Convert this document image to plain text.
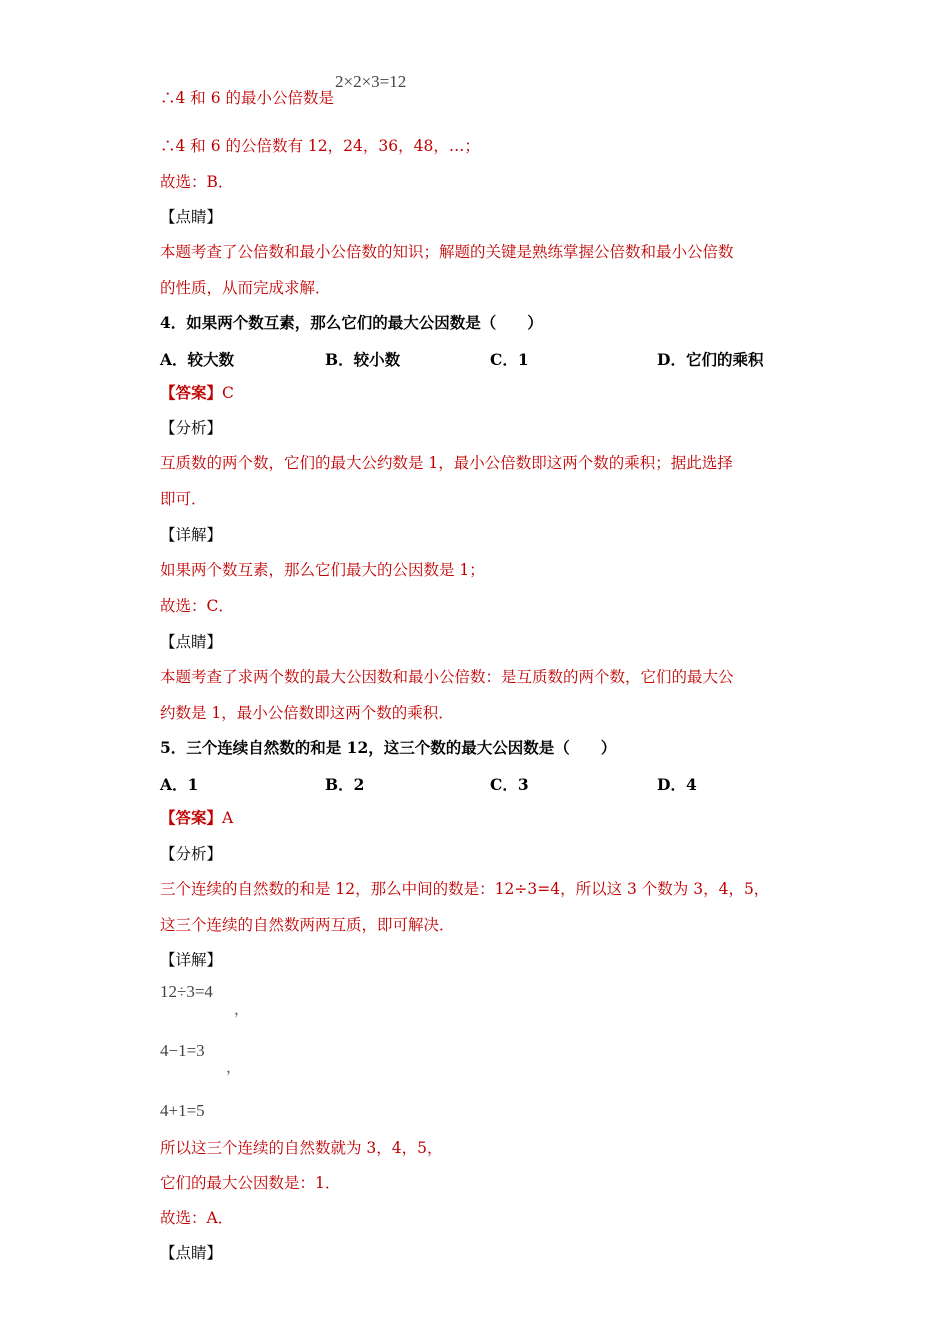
∴4 和 6 的最小公倍数是
2×2×3=12
∴4 和 6 的公倍数有 12，24，36，48，…；
故选：B．
【点睛】
本题考查了公倍数和最小公倍数的知识；解题的关键是熟练掌握公倍数和最小公倍数
的性质，从而完成求解．
4．如果两个数互素，那么它们的最大公因数是（　　）
A．较大数	B．较小数	C．1	D．它们的乘积
【答案】C
【分析】
互质数的两个数，它们的最大公约数是 1，最小公倍数即这两个数的乘积；据此选择
即可．
【详解】
如果两个数互素，那么它们最大的公因数是 1；
故选：C．
【点睛】
本题考查了求两个数的最大公因数和最小公倍数：是互质数的两个数，它们的最大公
约数是 1，最小公倍数即这两个数的乘积．
5．三个连续自然数的和是 12，这三个数的最大公因数是（　　）
A．1	B．2	C．3	D．4
【答案】A
【分析】
三个连续的自然数的和是 12，那么中间的数是：12÷3=4，所以这 3 个数为 3，4，5，
这三个连续的自然数两两互质，即可解决．
【详解】
12÷3=4
，
4−1=3
，
4+1=5
所以这三个连续的自然数就为 3，4，5，
它们的最大公因数是：1．
故选：A．
【点睛】
